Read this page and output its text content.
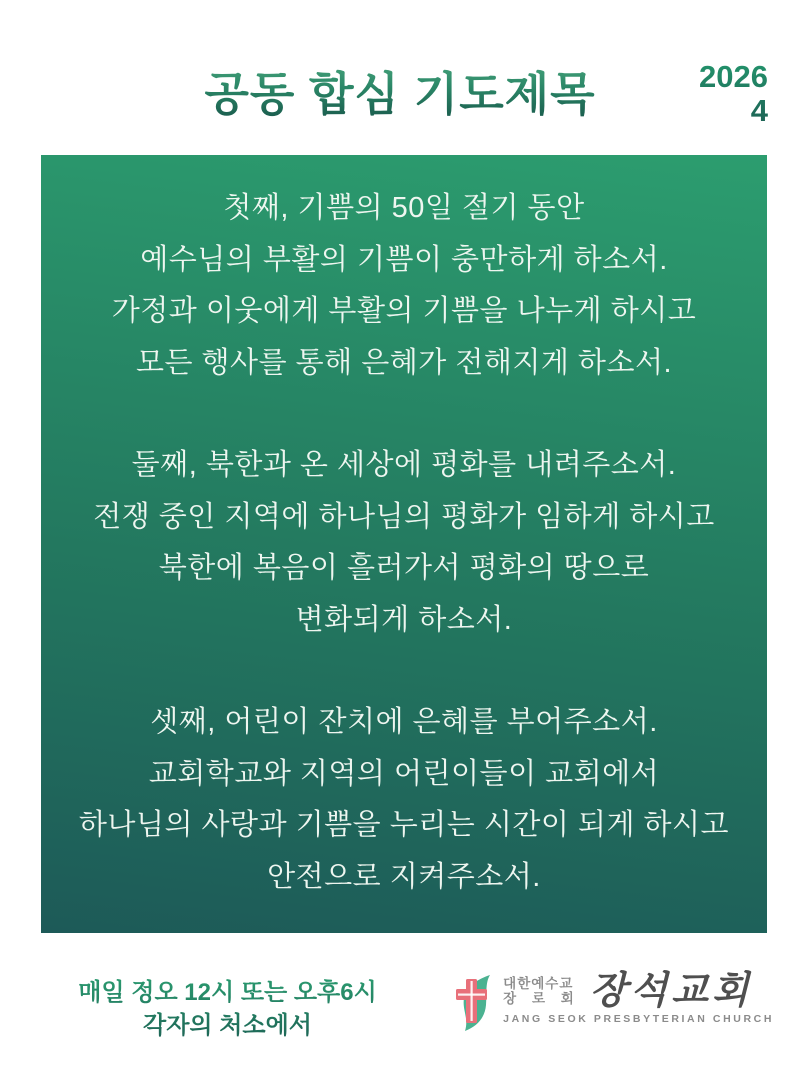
공동 합심 기도제목	2026
4
첫째, 기쁨의 50일 절기 동안
예수님의 부활의 기쁨이 충만하게 하소서.
가정과 이웃에게 부활의 기쁨을 나누게 하시고
모든 행사를 통해 은혜가 전해지게 하소서.
둘째, 북한과 온 세상에 평화를 내려주소서.
전쟁 중인 지역에 하나님의 평화가 임하게 하시고
북한에 복음이 흘러가서 평화의 땅으로
변화되게 하소서.
셋째, 어린이 잔치에 은혜를 부어주소서.
교회학교와 지역의 어린이들이 교회에서
하나님의 사랑과 기쁨을 누리는 시간이 되게 하시고
안전으로 지켜주소서.
매일 정오 12시 또는 오후6시
각자의 처소에서
대한예수교
장 로 회 장석교회
JANG SEOK PRESBYTERIAN CHURCH
